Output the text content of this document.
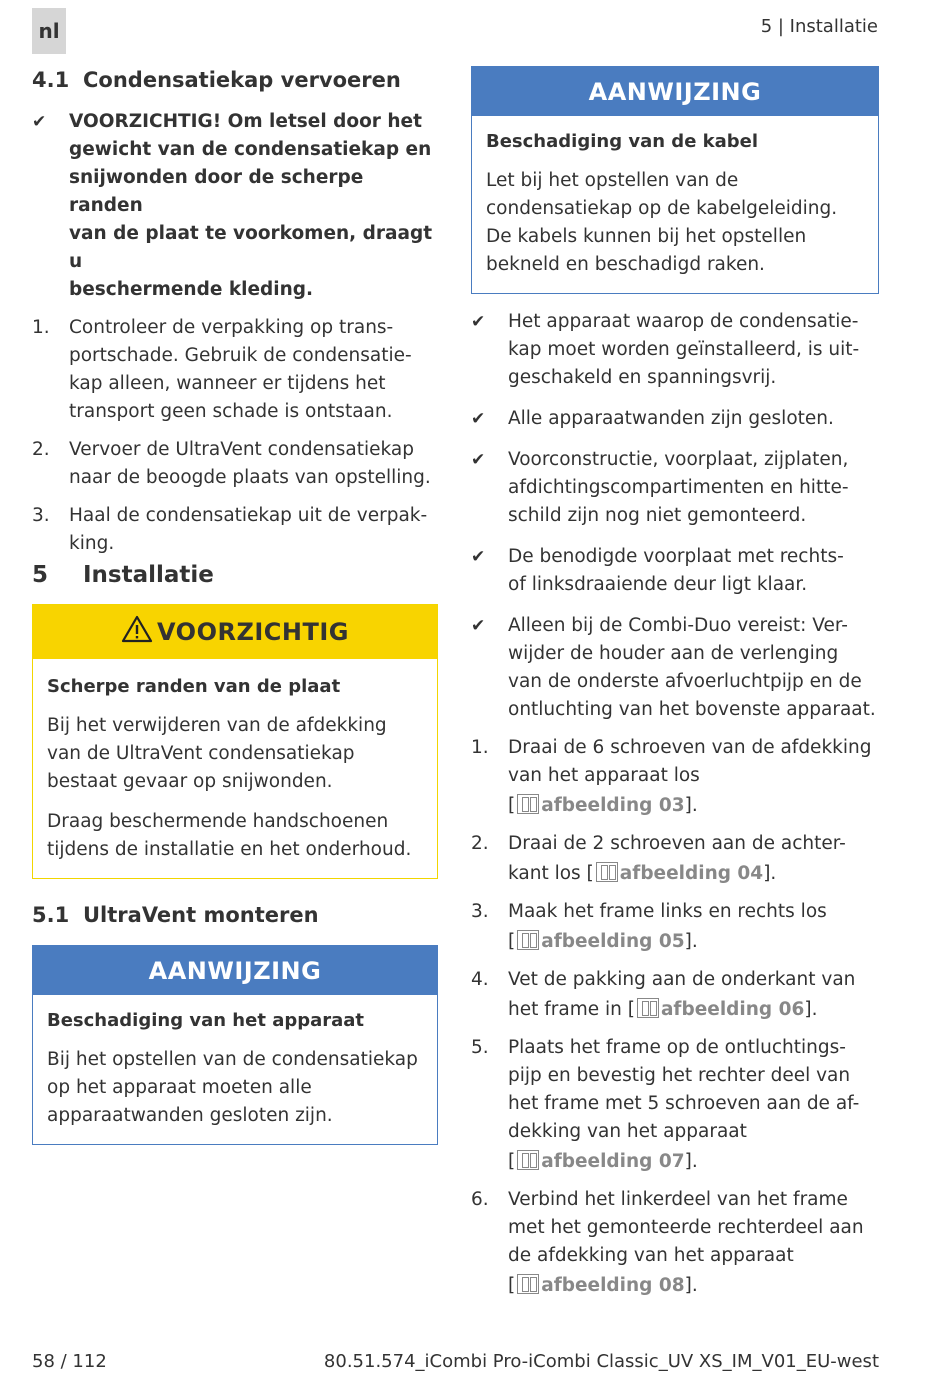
nl	5 | Installatie
4.1 Condensatiekap vervoeren
✔	VOORZICHTIG! Om letsel door het
gewicht van de condensatiekap en
snijwonden door de scherpe randen
van de plaat te voorkomen, draagt u
beschermende kleding.
1.	Controleer de verpakking op trans-
portschade. Gebruik de condensatie-
kap alleen, wanneer er tijdens het
transport geen schade is ontstaan.
2.	Vervoer de UltraVent condensatiekap
naar de beoogde plaats van opstelling.
3.	Haal de condensatiekap uit de verpak-
king.
5	Installatie
VOORZICHTIG
Scherpe randen van de plaat

Bij het verwijderen van de afdekking
van de UltraVent condensatiekap
bestaat gevaar op snijwonden.

Draag beschermende handschoenen
tijdens de installatie en het onderhoud.

5.1 UltraVent monteren
AANWIJZING
Beschadiging van het apparaat

Bij het opstellen van de condensatiekap
op het apparaat moeten alle
apparaatwanden gesloten zijn.

AANWIJZING
Beschadiging van de kabel

Let bij het opstellen van de
condensatiekap op de kabelgeleiding.
De kabels kunnen bij het opstellen
bekneld en beschadigd raken.

✔	Het apparaat waarop de condensatie-
kap moet worden geïnstalleerd, is uit-
geschakeld en spanningsvrij.
✔	Alle apparaatwanden zijn gesloten.
✔	Voorconstructie, voorplaat, zijplaten,
afdichtingscompartimenten en hitte-
schild zijn nog niet gemonteerd.
✔	De benodigde voorplaat met rechts-
of linksdraaiende deur ligt klaar.
✔	Alleen bij de Combi-Duo vereist: Ver-
wijder de houder aan de verlenging
van de onderste afvoerluchtpijp en de
ontluchting van het bovenste apparaat.
1.	Draai de 6 schroeven van de afdekking
van het apparaat los
[ afbeelding 03].
2.	Draai de 2 schroeven aan de achter-
kant los [ afbeelding 04].
3.	Maak het frame links en rechts los
[ afbeelding 05].
4.	Vet de pakking aan de onderkant van
het frame in [ afbeelding 06].
5.	Plaats het frame op de ontluchtings-
pijp en bevestig het rechter deel van
het frame met 5 schroeven aan de af-
dekking van het apparaat
[ afbeelding 07].
6.	Verbind het linkerdeel van het frame
met het gemonteerde rechterdeel aan
de afdekking van het apparaat
[ afbeelding 08].
58 / 112	80.51.574_iCombi Pro-iCombi Classic_UV XS_IM_V01_EU-west
